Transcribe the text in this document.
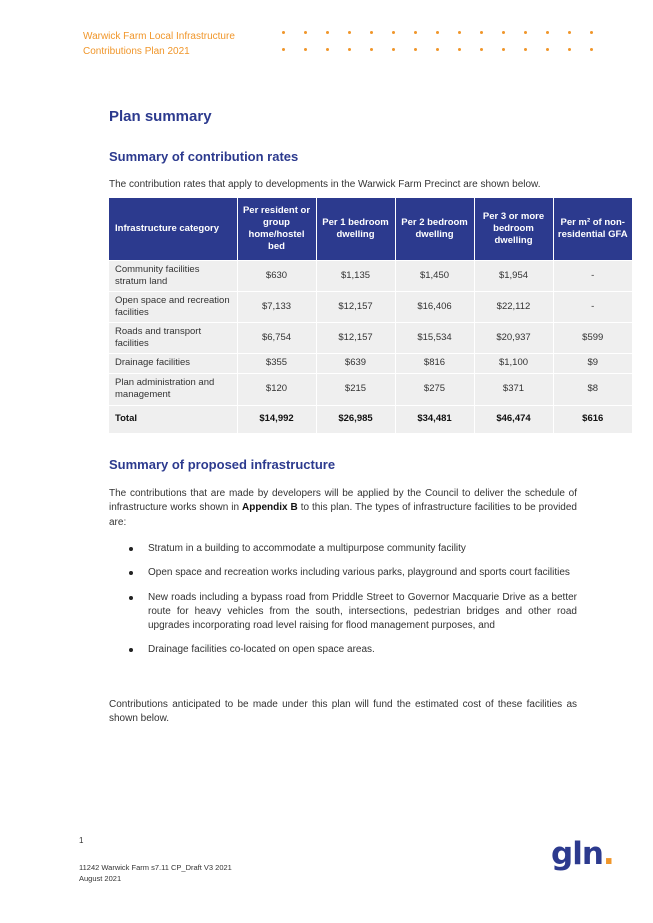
Warwick Farm Local Infrastructure
Contributions Plan 2021
Plan summary
Summary of contribution rates
The contribution rates that apply to developments in the Warwick Farm Precinct are shown below.
Infrastructure category	Per resident or group home/hostel bed	Per 1 bedroom dwelling	Per 2 bedroom dwelling	Per 3 or more bedroom dwelling	Per m² of non-residential GFA
Community facilities stratum land	$630	$1,135	$1,450	$1,954	-
Open space and recreation facilities	$7,133	$12,157	$16,406	$22,112	-
Roads and transport facilities	$6,754	$12,157	$15,534	$20,937	$599
Drainage facilities	$355	$639	$816	$1,100	$9
Plan administration and management	$120	$215	$275	$371	$8
Total	$14,992	$26,985	$34,481	$46,474	$616
Summary of proposed infrastructure
The contributions that are made by developers will be applied by the Council to deliver the schedule of infrastructure works shown in Appendix B to this plan. The types of infrastructure facilities to be provided are:
Stratum in a building to accommodate a multipurpose community facility
Open space and recreation works including various parks, playground and sports court facilities
New roads including a bypass road from Priddle Street to Governor Macquarie Drive as a better route for heavy vehicles from the south, intersections, pedestrian bridges and other road upgrades incorporating road level raising for flood management purposes, and
Drainage facilities co-located on open space areas.
Contributions anticipated to be made under this plan will fund the estimated cost of these facilities as shown below.
1
11242 Warwick Farm s7.11 CP_Draft V3 2021
August 2021
gln.
